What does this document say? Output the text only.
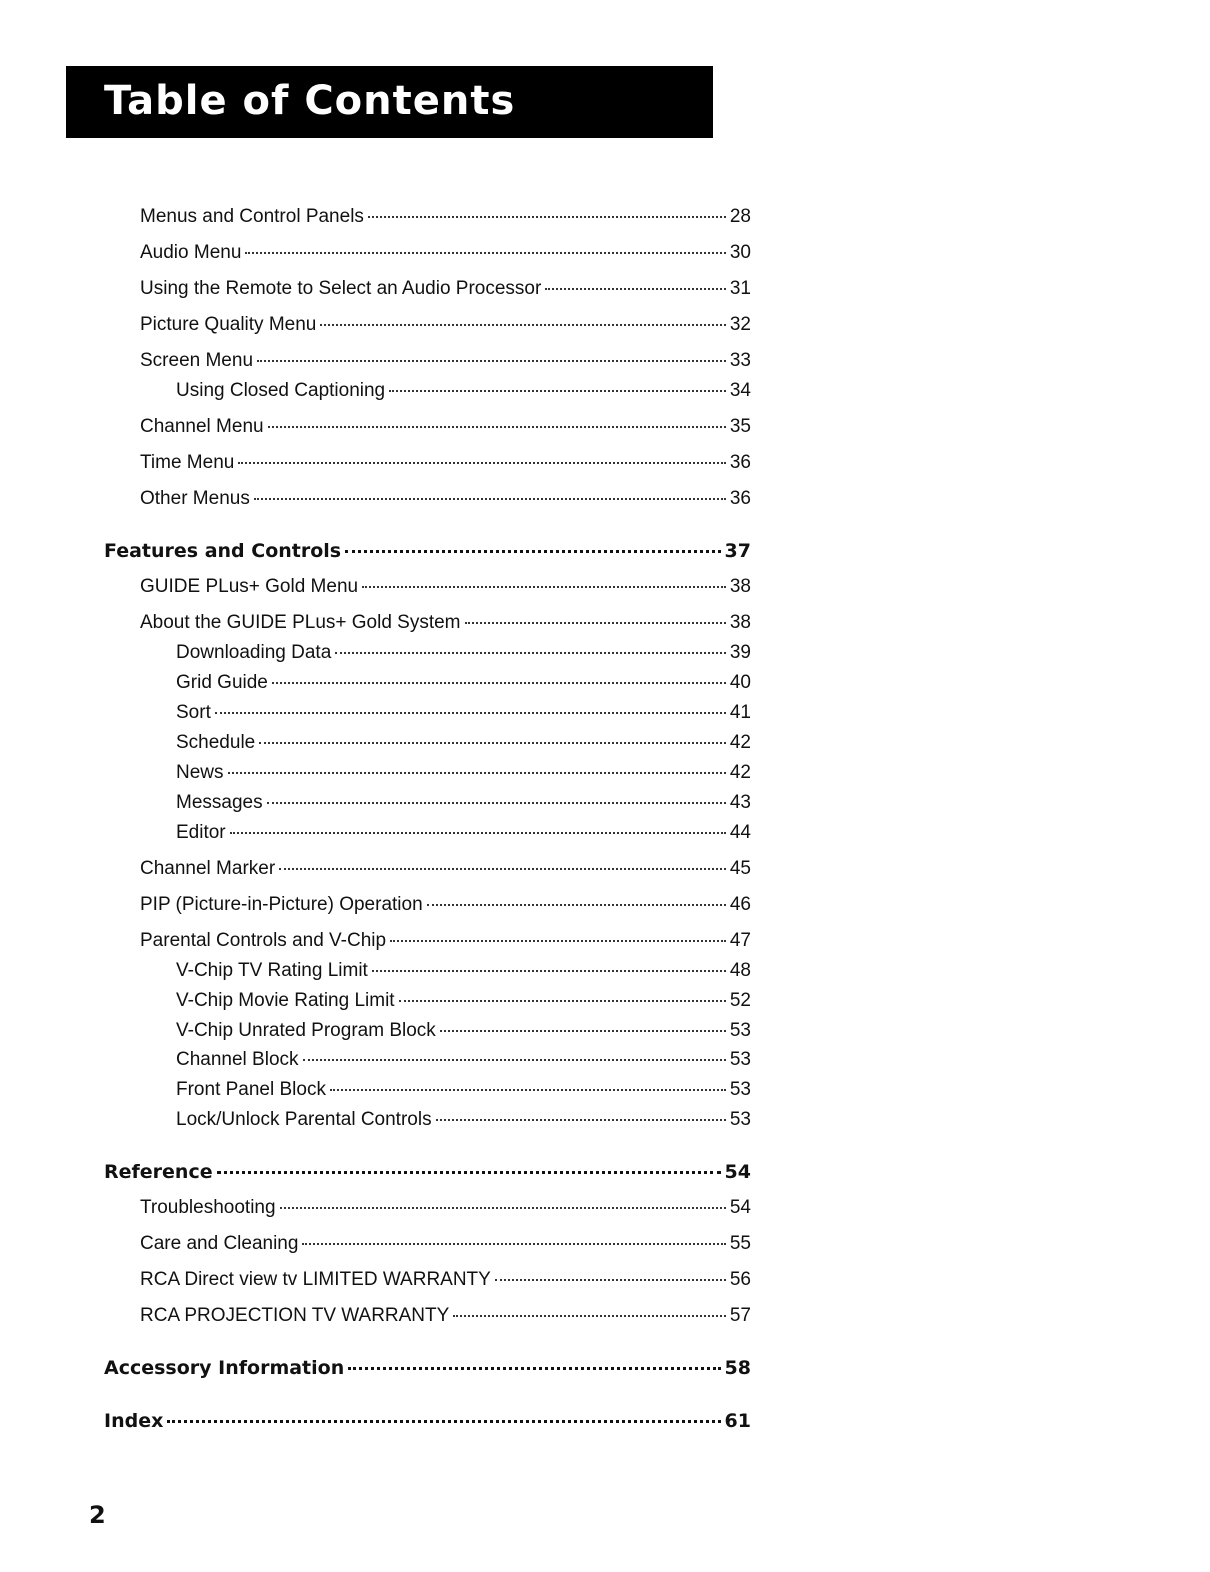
Table of Contents
Menus and Control Panels	28
Audio Menu	30
Using the Remote to Select an Audio Processor	31
Picture Quality Menu	32
Screen Menu	33
Using Closed Captioning	34
Channel Menu	35
Time Menu	36
Other Menus	36
Features and Controls	37
GUIDE PLus+ Gold Menu	38
About the GUIDE PLus+ Gold System	38
Downloading Data	39
Grid Guide	40
Sort	41
Schedule	42
News	42
Messages	43
Editor	44
Channel Marker	45
PIP (Picture-in-Picture) Operation	46
Parental Controls and V-Chip	47
V-Chip TV Rating Limit	48
V-Chip Movie Rating Limit	52
V-Chip Unrated Program Block	53
Channel Block	53
Front Panel Block	53
Lock/Unlock Parental Controls	53
Reference	54
Troubleshooting	54
Care and Cleaning	55
RCA Direct view tv LIMITED WARRANTY	56
RCA PROJECTION TV WARRANTY	57
Accessory Information	58
Index	61
2
